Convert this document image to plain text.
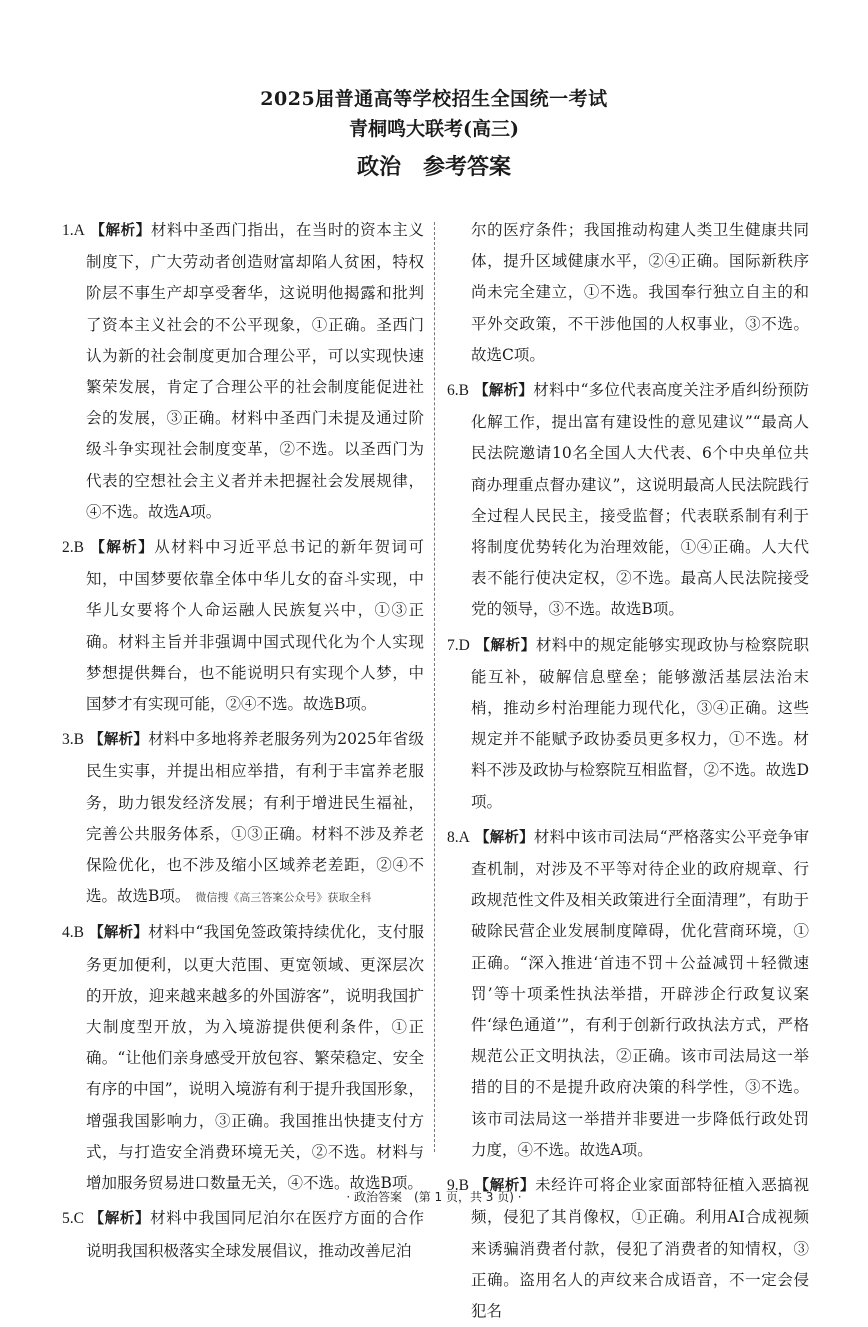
2025届普通高等学校招生全国统一考试
青桐鸣大联考(高三)
政治 参考答案

1.A 【解析】材料中圣西门指出，在当时的资本主义制度下，广大劳动者创造财富却陷人贫困，特权阶层不事生产却享受奢华，这说明他揭露和批判了资本主义社会的不公平现象，①正确。圣西门认为新的社会制度更加合理公平，可以实现快速繁荣发展，肯定了合理公平的社会制度能促进社会的发展，③正确。材料中圣西门未提及通过阶级斗争实现社会制度变革，②不选。以圣西门为代表的空想社会主义者并未把握社会发展规律，④不选。故选A项。

2.B 【解析】从材料中习近平总书记的新年贺词可知，中国梦要依靠全体中华儿女的奋斗实现，中华儿女要将个人命运融人民族复兴中，①③正确。材料主旨并非强调中国式现代化为个人实现梦想提供舞台，也不能说明只有实现个人梦，中国梦才有实现可能，②④不选。故选B项。

3.B 【解析】材料中多地将养老服务列为2025年省级民生实事，并提出相应举措，有利于丰富养老服务，助力银发经济发展；有利于增进民生福祉，完善公共服务体系，①③正确。材料不涉及养老保险优化，也不涉及缩小区域养老差距，②④不选。故选B项。 微信搜《高三答案公众号》获取全科

4.B 【解析】材料中“我国免签政策持续优化，支付服务更加便利，以更大范围、更宽领域、更深层次的开放，迎来越来越多的外国游客”，说明我国扩大制度型开放，为入境游提供便利条件，①正确。“让他们亲身感受开放包容、繁荣稳定、安全有序的中国”，说明入境游有利于提升我国形象，增强我国影响力，③正确。我国推出快捷支付方式，与打造安全消费环境无关，②不选。材料与增加服务贸易进口数量无关，④不选。故选B项。

5.C 【解析】材料中我国同尼泊尔在医疗方面的合作说明我国积极落实全球发展倡议，推动改善尼泊

尔的医疗条件；我国推动构建人类卫生健康共同体，提升区域健康水平，②④正确。国际新秩序尚未完全建立，①不选。我国奉行独立自主的和平外交政策，不干涉他国的人权事业，③不选。故选C项。

6.B 【解析】材料中“多位代表高度关注矛盾纠纷预防化解工作，提出富有建设性的意见建议”“最高人民法院邀请10名全国人大代表、6个中央单位共商办理重点督办建议”，这说明最高人民法院践行全过程人民民主，接受监督；代表联系制有利于将制度优势转化为治理效能，①④正确。人大代表不能行使决定权，②不选。最高人民法院接受党的领导，③不选。故选B项。

7.D 【解析】材料中的规定能够实现政协与检察院职能互补，破解信息壁垒；能够激活基层法治末梢，推动乡村治理能力现代化，③④正确。这些规定并不能赋予政协委员更多权力，①不选。材料不涉及政协与检察院互相监督，②不选。故选D项。

8.A 【解析】材料中该市司法局“严格落实公平竞争审查机制，对涉及不平等对待企业的政府规章、行政规范性文件及相关政策进行全面清理”，有助于破除民营企业发展制度障碍，优化营商环境，①正确。“深入推进‘首违不罚＋公益减罚＋轻微速罚’等十项柔性执法举措，开辟涉企行政复议案件‘绿色通道’”，有利于创新行政执法方式，严格规范公正文明执法，②正确。该市司法局这一举措的目的不是提升政府决策的科学性，③不选。该市司法局这一举措并非要进一步降低行政处罚力度，④不选。故选A项。

9.B 【解析】未经许可将企业家面部特征植入恶搞视频，侵犯了其肖像权，①正确。利用AI合成视频来诱骗消费者付款，侵犯了消费者的知情权，③正确。盗用名人的声纹来合成语音，不一定会侵犯名

· 政治答案　(第 1 页，共 3 页) ·
